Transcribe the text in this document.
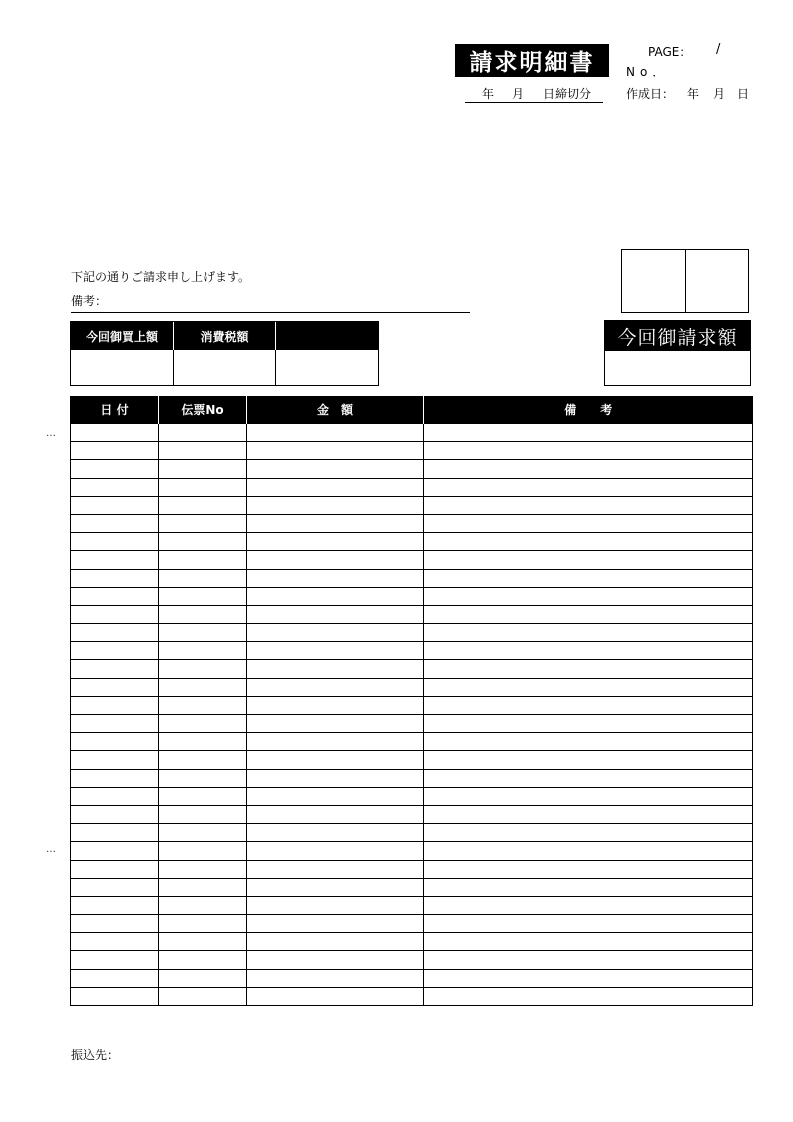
請求明細書	PAGE： /
No．
年 月 日締切分	作成日： 年 月 日
下記の通りご請求申し上げます。
備考：
今回御買上額	消費税額	今回御請求額
日 付	伝票No	金　額	備　　考

…
…
振込先：
